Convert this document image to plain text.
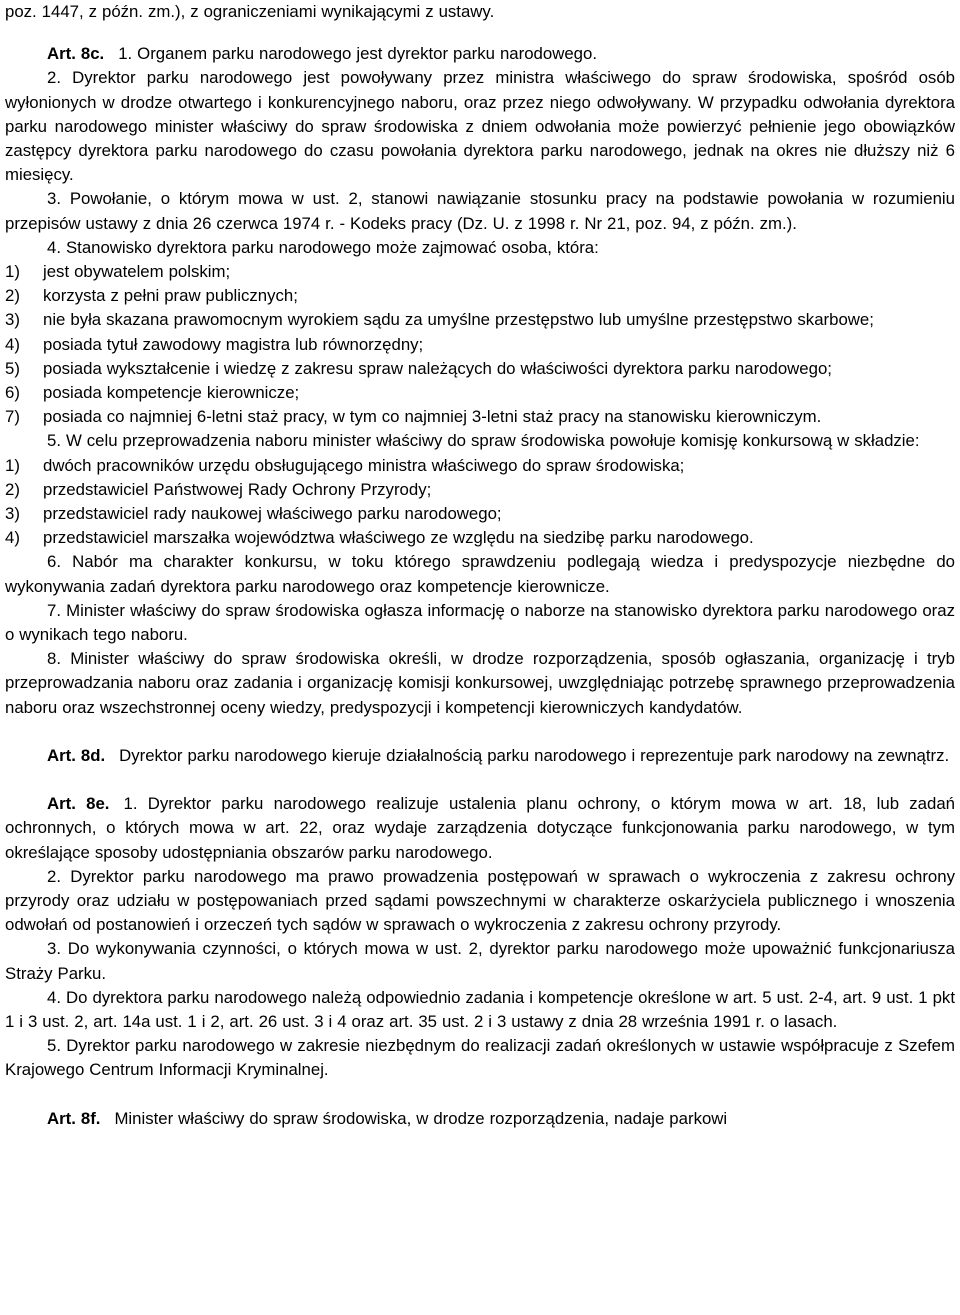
poz. 1447, z późn. zm.), z ograniczeniami wynikającymi z ustawy.

Art. 8c. 1. Organem parku narodowego jest dyrektor parku narodowego.

2. Dyrektor parku narodowego jest powoływany przez ministra właściwego do spraw środowiska, spośród osób wyłonionych w drodze otwartego i konkurencyjnego naboru, oraz przez niego odwoływany. W przypadku odwołania dyrektora parku narodowego minister właściwy do spraw środowiska z dniem odwołania może powierzyć pełnienie jego obowiązków zastępcy dyrektora parku narodowego do czasu powołania dyrektora parku narodowego, jednak na okres nie dłuższy niż 6 miesięcy.

3. Powołanie, o którym mowa w ust. 2, stanowi nawiązanie stosunku pracy na podstawie powołania w rozumieniu przepisów ustawy z dnia 26 czerwca 1974 r. - Kodeks pracy (Dz. U. z 1998 r. Nr 21, poz. 94, z późn. zm.).

4. Stanowisko dyrektora parku narodowego może zajmować osoba, która:

1)	jest obywatelem polskim;
2)	korzysta z pełni praw publicznych;
3)	nie była skazana prawomocnym wyrokiem sądu za umyślne przestępstwo lub umyślne przestępstwo skarbowe;
4)	posiada tytuł zawodowy magistra lub równorzędny;
5)	posiada wykształcenie i wiedzę z zakresu spraw należących do właściwości dyrektora parku narodowego;
6)	posiada kompetencje kierownicze;
7)	posiada co najmniej 6-letni staż pracy, w tym co najmniej 3-letni staż pracy na stanowisku kierowniczym.

5. W celu przeprowadzenia naboru minister właściwy do spraw środowiska powołuje komisję konkursową w składzie:

1)	dwóch pracowników urzędu obsługującego ministra właściwego do spraw środowiska;
2)	przedstawiciel Państwowej Rady Ochrony Przyrody;
3)	przedstawiciel rady naukowej właściwego parku narodowego;
4)	przedstawiciel marszałka województwa właściwego ze względu na siedzibę parku narodowego.

6. Nabór ma charakter konkursu, w toku którego sprawdzeniu podlegają wiedza i predyspozycje niezbędne do wykonywania zadań dyrektora parku narodowego oraz kompetencje kierownicze.

7. Minister właściwy do spraw środowiska ogłasza informację o naborze na stanowisko dyrektora parku narodowego oraz o wynikach tego naboru.

8. Minister właściwy do spraw środowiska określi, w drodze rozporządzenia, sposób ogłaszania, organizację i tryb przeprowadzania naboru oraz zadania i organizację komisji konkursowej, uwzględniając potrzebę sprawnego przeprowadzenia naboru oraz wszechstronnej oceny wiedzy, predyspozycji i kompetencji kierowniczych kandydatów.

Art. 8d. Dyrektor parku narodowego kieruje działalnością parku narodowego i reprezentuje park narodowy na zewnątrz.

Art. 8e. 1. Dyrektor parku narodowego realizuje ustalenia planu ochrony, o którym mowa w art. 18, lub zadań ochronnych, o których mowa w art. 22, oraz wydaje zarządzenia dotyczące funkcjonowania parku narodowego, w tym określające sposoby udostępniania obszarów parku narodowego.

2. Dyrektor parku narodowego ma prawo prowadzenia postępowań w sprawach o wykroczenia z zakresu ochrony przyrody oraz udziału w postępowaniach przed sądami powszechnymi w charakterze oskarżyciela publicznego i wnoszenia odwołań od postanowień i orzeczeń tych sądów w sprawach o wykroczenia z zakresu ochrony przyrody.

3. Do wykonywania czynności, o których mowa w ust. 2, dyrektor parku narodowego może upoważnić funkcjonariusza Straży Parku.

4. Do dyrektora parku narodowego należą odpowiednio zadania i kompetencje określone w art. 5 ust. 2-4, art. 9 ust. 1 pkt 1 i 3 ust. 2, art. 14a ust. 1 i 2, art. 26 ust. 3 i 4 oraz art. 35 ust. 2 i 3 ustawy z dnia 28 września 1991 r. o lasach.

5. Dyrektor parku narodowego w zakresie niezbędnym do realizacji zadań określonych w ustawie współpracuje z Szefem Krajowego Centrum Informacji Kryminalnej.

Art. 8f. Minister właściwy do spraw środowiska, w drodze rozporządzenia, nadaje parkowi
